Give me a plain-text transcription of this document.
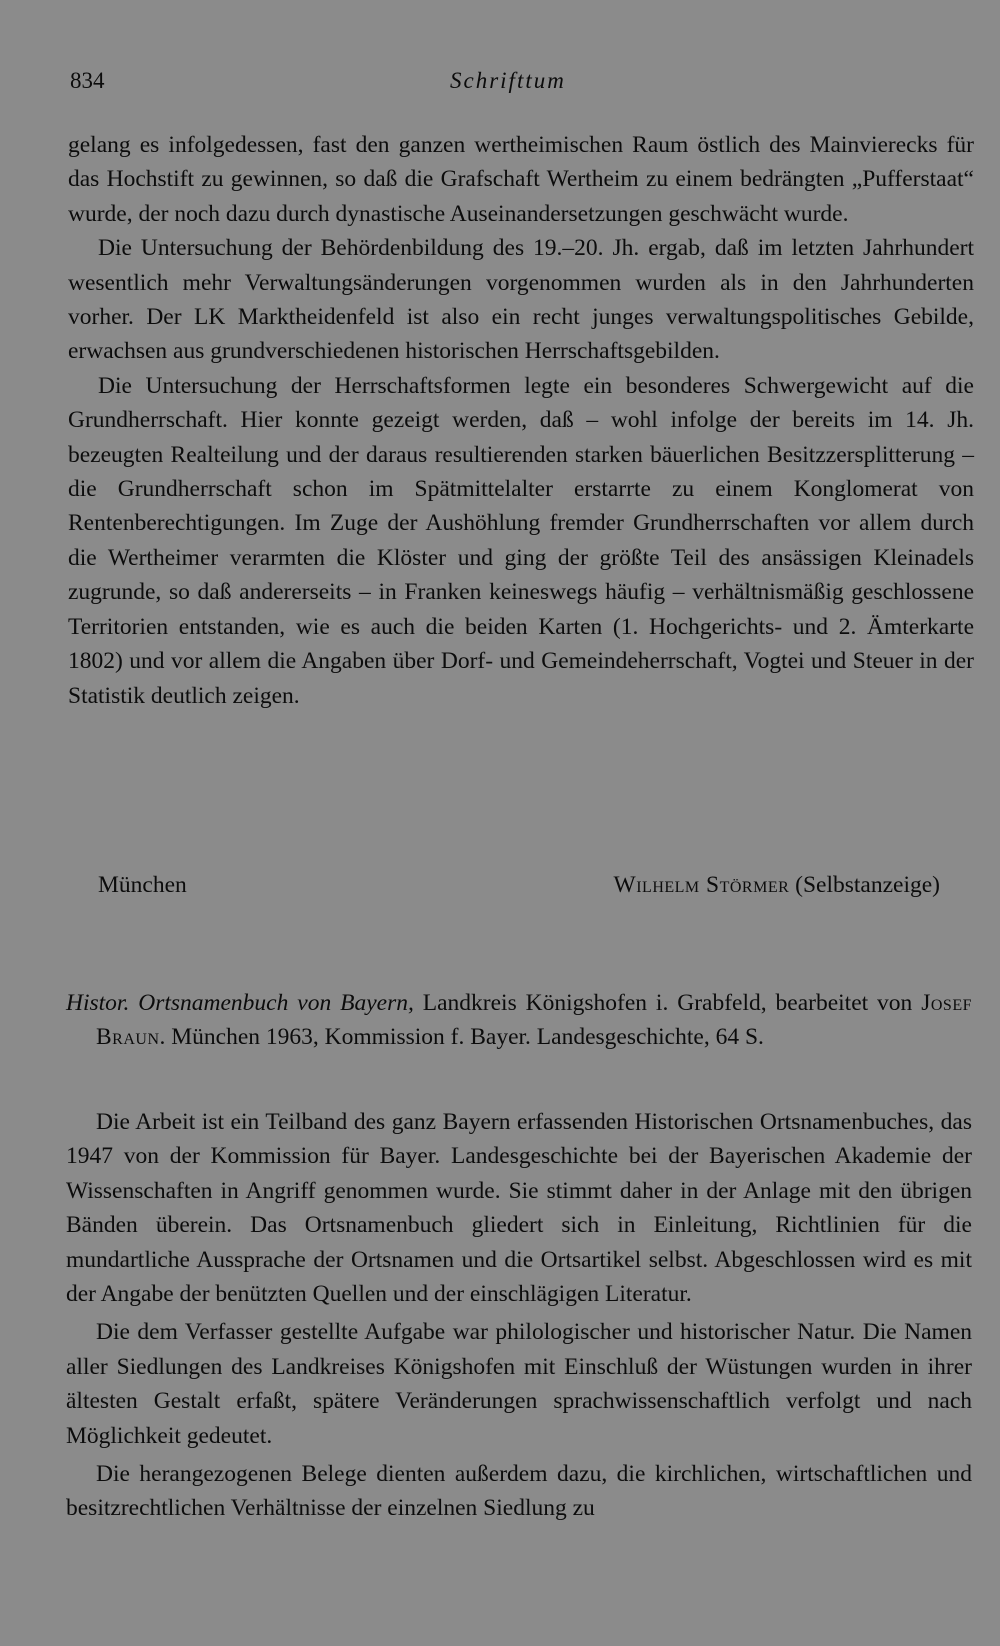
834	Schrifttum

gelang es infolgedessen, fast den ganzen wertheimischen Raum östlich des Mainvierecks für das Hochstift zu gewinnen, so daß die Grafschaft Wertheim zu einem bedrängten „Pufferstaat“ wurde, der noch dazu durch dynastische Auseinandersetzungen geschwächt wurde.

Die Untersuchung der Behördenbildung des 19.–20. Jh. ergab, daß im letzten Jahrhundert wesentlich mehr Verwaltungsänderungen vorgenommen wurden als in den Jahrhunderten vorher. Der LK Marktheidenfeld ist also ein recht junges verwaltungspolitisches Gebilde, erwachsen aus grundverschiedenen historischen Herrschaftsgebilden.

Die Untersuchung der Herrschaftsformen legte ein besonderes Schwergewicht auf die Grundherrschaft. Hier konnte gezeigt werden, daß – wohl infolge der bereits im 14. Jh. bezeugten Realteilung und der daraus resultierenden starken bäuerlichen Besitzzersplitterung – die Grundherrschaft schon im Spätmittelalter erstarrte zu einem Konglomerat von Rentenberechtigungen. Im Zuge der Aushöhlung fremder Grundherrschaften vor allem durch die Wertheimer verarmten die Klöster und ging der größte Teil des ansässigen Kleinadels zugrunde, so daß andererseits – in Franken keineswegs häufig – verhältnismäßig geschlossene Territorien entstanden, wie es auch die beiden Karten (1. Hochgerichts- und 2. Ämterkarte 1802) und vor allem die Angaben über Dorf- und Gemeindeherrschaft, Vogtei und Steuer in der Statistik deutlich zeigen.

München	Wilhelm Störmer (Selbstanzeige)
Histor. Ortsnamenbuch von Bayern, Landkreis Königshofen i. Grabfeld, bearbeitet von Josef Braun. München 1963, Kommission f. Bayer. Landesgeschichte, 64 S.

Die Arbeit ist ein Teilband des ganz Bayern erfassenden Historischen Ortsnamenbuches, das 1947 von der Kommission für Bayer. Landesgeschichte bei der Bayerischen Akademie der Wissenschaften in Angriff genommen wurde. Sie stimmt daher in der Anlage mit den übrigen Bänden überein. Das Ortsnamenbuch gliedert sich in Einleitung, Richtlinien für die mundartliche Aussprache der Ortsnamen und die Ortsartikel selbst. Abgeschlossen wird es mit der Angabe der benützten Quellen und der einschlägigen Literatur.

Die dem Verfasser gestellte Aufgabe war philologischer und historischer Natur. Die Namen aller Siedlungen des Landkreises Königshofen mit Einschluß der Wüstungen wurden in ihrer ältesten Gestalt erfaßt, spätere Veränderungen sprachwissenschaftlich verfolgt und nach Möglichkeit gedeutet.

Die herangezogenen Belege dienten außerdem dazu, die kirchlichen, wirtschaftlichen und besitzrechtlichen Verhältnisse der einzelnen Siedlung zu
